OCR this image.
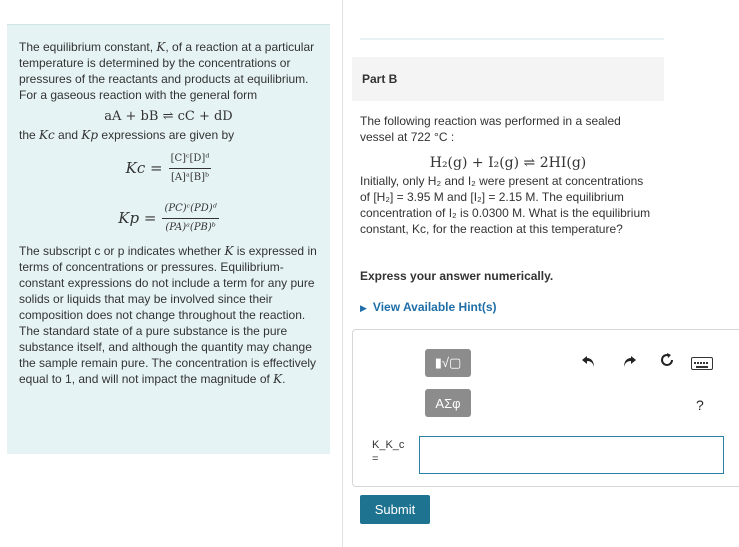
The equilibrium constant, K, of a reaction at a particular temperature is determined by the concentrations or pressures of the reactants and products at equilibrium.

For a gaseous reaction with the general form

aA + bB ⇌ cC + dD

the Kc and Kp expressions are given by

$Kc = \frac{\text{[C]ᶜ[D]ᵈ}}{\text{[A]ᵃ[B]ᵇ}}$
$Kp = \frac{\text{(PC)ᶜ(PD)ᵈ}}{\text{(PA)ᵃ(PB)ᵇ}}$

The subscript c or p indicates whether K is expressed in terms of concentrations or pressures. Equilibrium-constant expressions do not include a term for any pure solids or liquids that may be involved since their composition does not change throughout the reaction. The standard state of a pure substance is the pure substance itself, and although the quantity may change the sample remain pure. The concentration is effectively equal to 1, and will not impact the magnitude of K.

Part B

The following reaction was performed in a sealed vessel at 722 °C :

H₂(g) + I₂(g) ⇌ 2HI(g)

Initially, only H₂ and I₂ were present at concentrations of [H₂] = 3.95 M and [I₂] = 2.15 M. The equilibrium concentration of I₂ is 0.0300 M. What is the equilibrium constant, Kc, for the reaction at this temperature?

Express your answer numerically.
▶ View Available Hint(s)
▮√▢
ΑΣφ	?
K_K_c
=
Submit
